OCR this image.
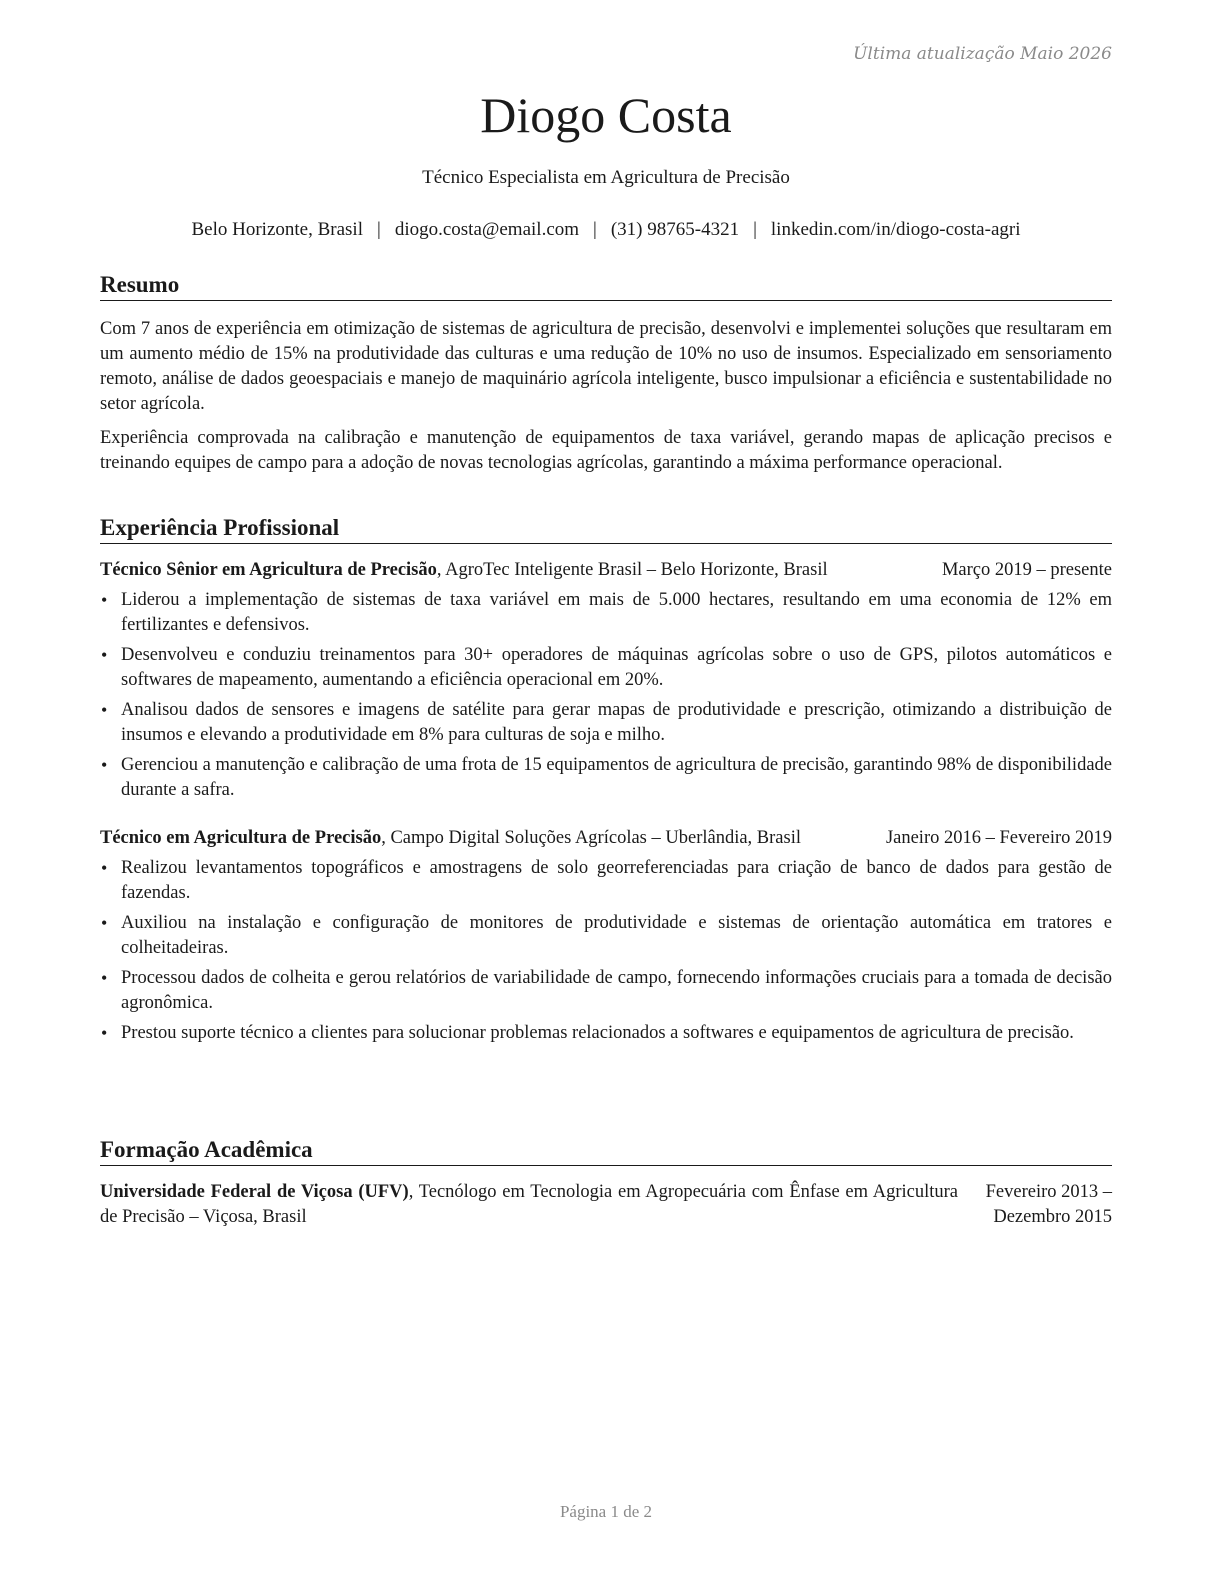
Última atualização Maio 2026
Diogo Costa
Técnico Especialista em Agricultura de Precisão
Belo Horizonte, Brasil | diogo.costa@email.com | (31) 98765-4321 | linkedin.com/in/diogo-costa-agri
Resumo

Com 7 anos de experiência em otimização de sistemas de agricultura de precisão, desenvolvi e implementei soluções que resultaram em um aumento médio de 15% na produtividade das culturas e uma redução de 10% no uso de insumos. Especializado em sensoriamento remoto, análise de dados geoespaciais e manejo de maquinário agrícola inteligente, busco impulsionar a eficiência e sustentabilidade no setor agrícola.

Experiência comprovada na calibração e manutenção de equipamentos de taxa variável, gerando mapas de aplicação precisos e treinando equipes de campo para a adoção de novas tecnologias agrícolas, garantindo a máxima performance operacional.

Experiência Profissional
Técnico Sênior em Agricultura de Precisão, AgroTec Inteligente Brasil – Belo Horizonte, Brasil	Março 2019 – presente
• Liderou a implementação de sistemas de taxa variável em mais de 5.000 hectares, resultando em uma economia de 12% em fertilizantes e defensivos.
• Desenvolveu e conduziu treinamentos para 30+ operadores de máquinas agrícolas sobre o uso de GPS, pilotos automáticos e softwares de mapeamento, aumentando a eficiência operacional em 20%.
• Analisou dados de sensores e imagens de satélite para gerar mapas de produtividade e prescrição, otimizando a distribuição de insumos e elevando a produtividade em 8% para culturas de soja e milho.
• Gerenciou a manutenção e calibração de uma frota de 15 equipamentos de agricultura de precisão, garantindo 98% de disponibilidade durante a safra.
Técnico em Agricultura de Precisão, Campo Digital Soluções Agrícolas – Uberlândia, Brasil	Janeiro 2016 – Fevereiro 2019
• Realizou levantamentos topográficos e amostragens de solo georreferenciadas para criação de banco de dados para gestão de fazendas.
• Auxiliou na instalação e configuração de monitores de produtividade e sistemas de orientação automática em tratores e colheitadeiras.
• Processou dados de colheita e gerou relatórios de variabilidade de campo, fornecendo informações cruciais para a tomada de decisão agronômica.
• Prestou suporte técnico a clientes para solucionar problemas relacionados a softwares e equipamentos de agricultura de precisão.
Formação Acadêmica
Universidade Federal de Viçosa (UFV), Tecnólogo em Tecnologia em Agropecuária com Ênfase em Agricultura de Precisão – Viçosa, Brasil
Fevereiro 2013 – Dezembro 2015
Página 1 de 2
